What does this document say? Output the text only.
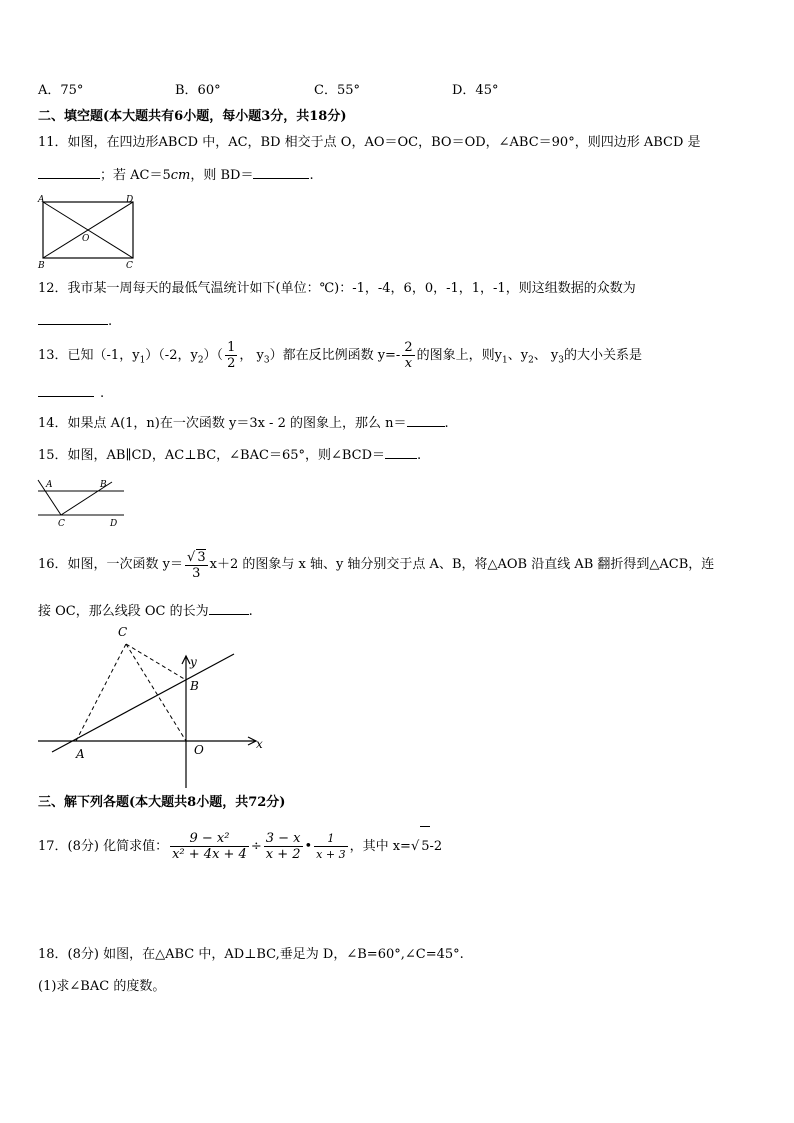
A．75°	B．60°	C．55°	D．45°
二、填空题(本大题共有6小题，每小题3分，共18分)
11．如图，在四边形ABCD 中，AC，BD 相交于点 O，AO＝OC，BO＝OD，∠ABC＝90°，则四边形 ABCD 是
；若 AC＝5cm，则 BD＝	.
A	D
O
B	C
12．我市某一周每天的最低气温统计如下(单位：℃)：-1，-4，6，0，-1，1，-1，则这组数据的众数为
.
13．已知（-1，$y_1)(-2$，$y_2)( \frac{1}{2}$ ， $y_3$）都在反比例函数 $y=- \frac{2}{x}$ 的图象上，则$y_1$、$y_2$、 $y_3$的大小关系是
.
14．如果点 A(1，n)在一次函数 y＝3x - 2 的图象上，那么 n＝	.
15．如图，AB∥CD，AC⊥BC，∠BAC＝65°，则∠BCD＝ .
A	B
C	D
16．如图，一次函数 $y= \frac{√ 3}{3} x+2$ 的图象与 x 轴、y 轴分别交于点 A、B，将△AOB 沿直线 AB 翻折得到△ACB，连
接 OC，那么线段 OC 的长为	.
C
y
B
A	O	x
三、解下列各题(本大题共8小题，共72分)
17．(8分) 化简求值： $\frac{\text{9 − x²}}{\text{x² + 4x + 4}} \div \frac{3 - x}{x + 2}$ • $\frac{1}{x + 3}$ ，其中 x=√ 5-2
18．(8分) 如图，在△ABC 中，AD⊥BC,垂足为 D，∠B=60°,∠C=45°.
(1)求∠BAC 的度数。
